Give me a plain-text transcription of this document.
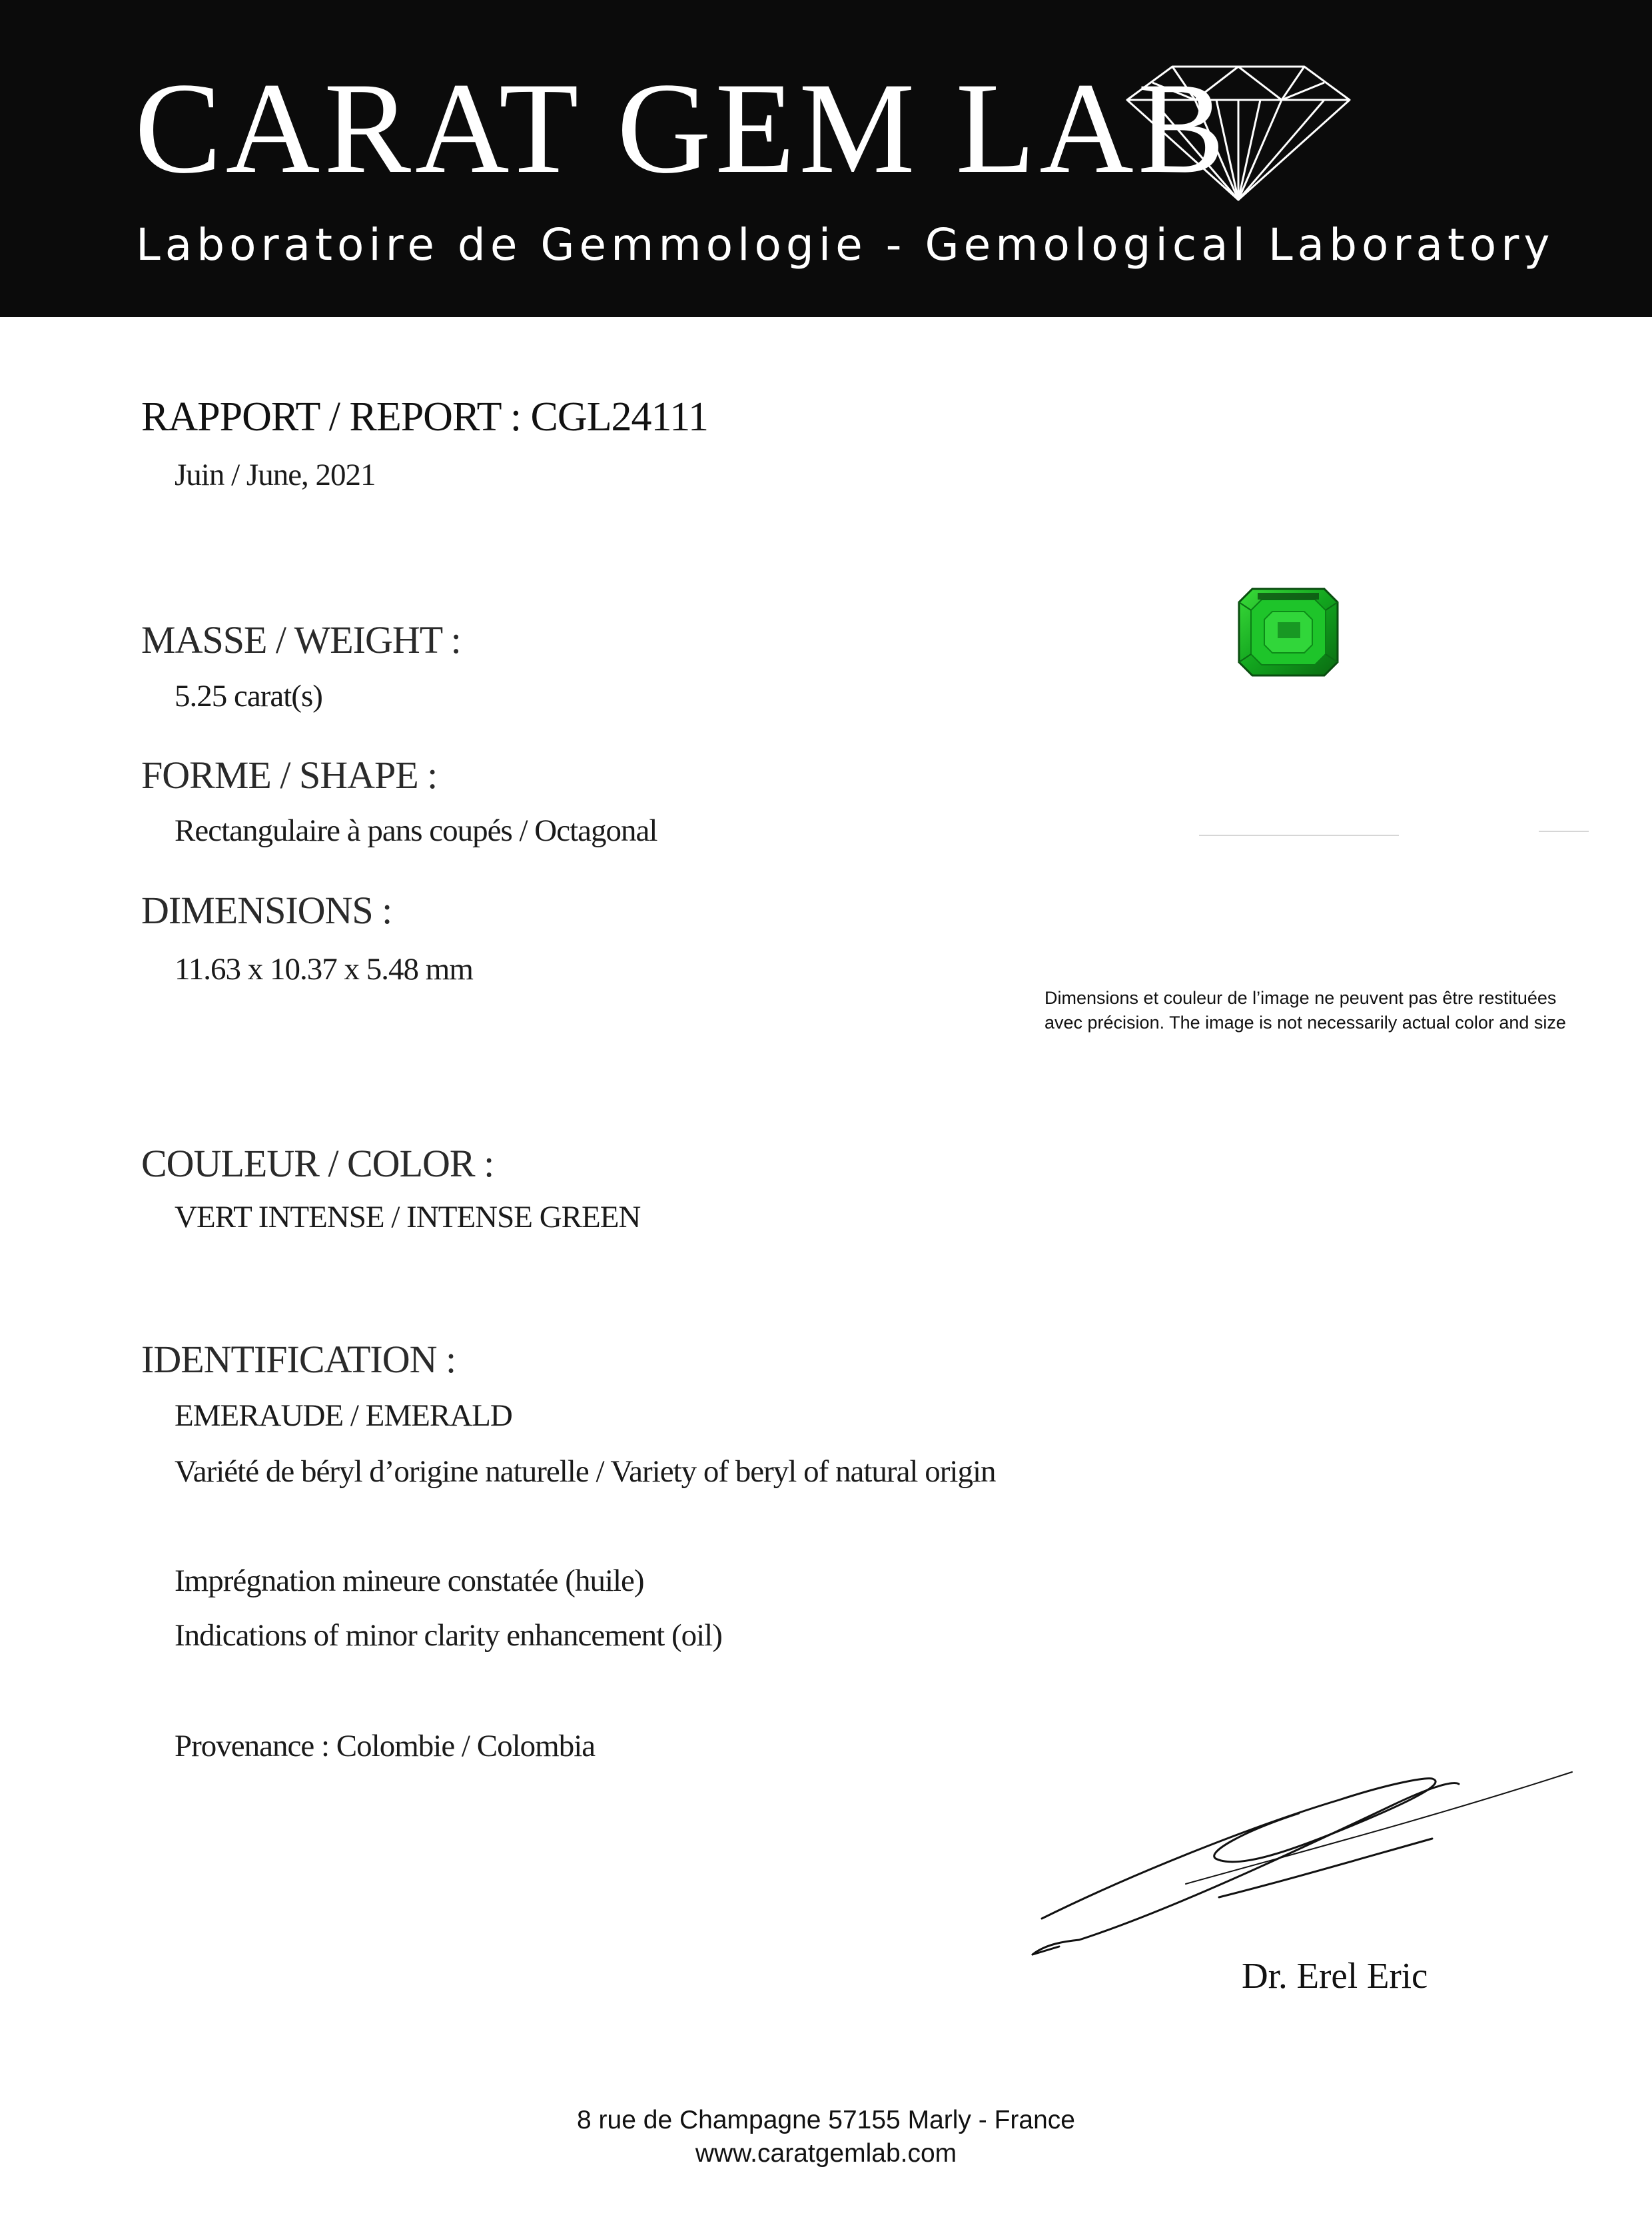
CARAT GEM LAB
Laboratoire de Gemmologie - Gemological Laboratory
RAPPORT / REPORT : CGL24111
Juin / June, 2021
MASSE / WEIGHT :
5.25 carat(s)
FORME / SHAPE :
Rectangulaire à pans coupés / Octagonal
DIMENSIONS :
11.63 x 10.37 x 5.48 mm
Dimensions et couleur de l’image ne peuvent pas être restituées
avec précision. The image is not necessarily actual color and size
COULEUR / COLOR :
VERT INTENSE / INTENSE GREEN
IDENTIFICATION :
EMERAUDE / EMERALD
Variété de béryl d’origine naturelle / Variety of beryl of natural origin
Imprégnation mineure constatée (huile)
Indications of minor clarity enhancement (oil)
Provenance : Colombie / Colombia
Dr. Erel Eric
8 rue de Champagne 57155 Marly - France
www.caratgemlab.com
